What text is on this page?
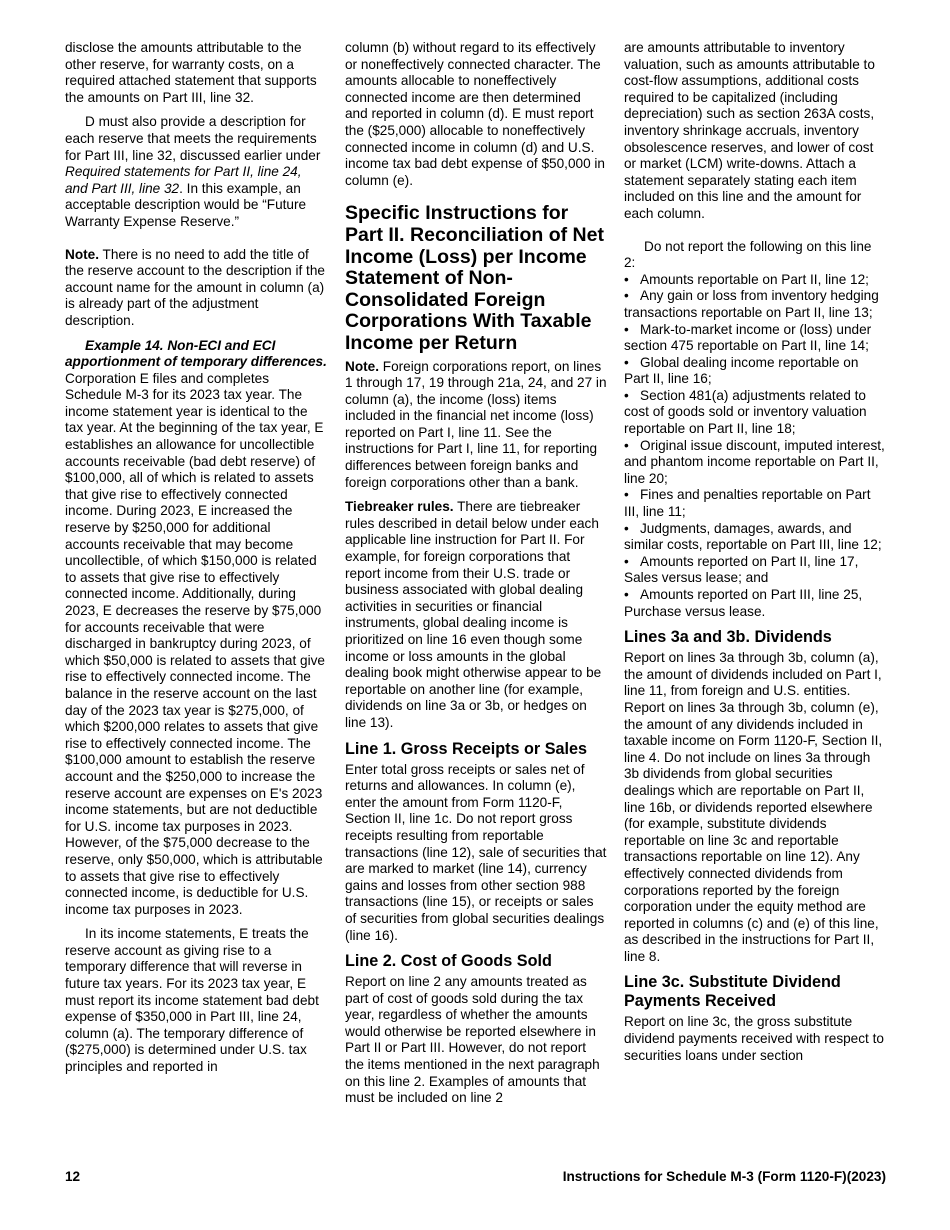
disclose the amounts attributable to the other reserve, for warranty costs, on a required attached statement that supports the amounts on Part III, line 32.

D must also provide a description for each reserve that meets the requirements for Part III, line 32, discussed earlier under Required statements for Part II, line 24, and Part III, line 32. In this example, an acceptable description would be “Future Warranty Expense Reserve.”

Note. There is no need to add the title of the reserve account to the description if the account name for the amount in column (a) is already part of the adjustment description.

Example 14. Non-ECI and ECI apportionment of temporary differences. Corporation E files and completes Schedule M-3 for its 2023 tax year. The income statement year is identical to the tax year. At the beginning of the tax year, E establishes an allowance for uncollectible accounts receivable (bad debt reserve) of $100,000, all of which is related to assets that give rise to effectively connected income. During 2023, E increased the reserve by $250,000 for additional accounts receivable that may become uncollectible, of which $150,000 is related to assets that give rise to effectively connected income. Additionally, during 2023, E decreases the reserve by $75,000 for accounts receivable that were discharged in bankruptcy during 2023, of which $50,000 is related to assets that give rise to effectively connected income. The balance in the reserve account on the last day of the 2023 tax year is $275,000, of which $200,000 relates to assets that give rise to effectively connected income. The $100,000 amount to establish the reserve account and the $250,000 to increase the reserve account are expenses on E's 2023 income statements, but are not deductible for U.S. income tax purposes in 2023. However, of the $75,000 decrease to the reserve, only $50,000, which is attributable to assets that give rise to effectively connected income, is deductible for U.S. income tax purposes in 2023.

In its income statements, E treats the reserve account as giving rise to a temporary difference that will reverse in future tax years. For its 2023 tax year, E must report its income statement bad debt expense of $350,000 in Part III, line 24, column (a). The temporary difference of ($275,000) is determined under U.S. tax principles and reported in

column (b) without regard to its effectively or noneffectively connected character. The amounts allocable to noneffectively connected income are then determined and reported in column (d). E must report the ($25,000) allocable to noneffectively connected income in column (d) and U.S. income tax bad debt expense of $50,000 in column (e).

Specific Instructions for Part II. Reconciliation of Net Income (Loss) per Income Statement of Non-Consolidated Foreign Corporations With Taxable Income per Return

Note. Foreign corporations report, on lines 1 through 17, 19 through 21a, 24, and 27 in column (a), the income (loss) items included in the financial net income (loss) reported on Part I, line 11. See the instructions for Part I, line 11, for reporting differences between foreign banks and foreign corporations other than a bank.

Tiebreaker rules. There are tiebreaker rules described in detail below under each applicable line instruction for Part II. For example, for foreign corporations that report income from their U.S. trade or business associated with global dealing activities in securities or financial instruments, global dealing income is prioritized on line 16 even though some income or loss amounts in the global dealing book might otherwise appear to be reportable on another line (for example, dividends on line 3a or 3b, or hedges on line 13).

Line 1. Gross Receipts or Sales

Enter total gross receipts or sales net of returns and allowances. In column (e), enter the amount from Form 1120-F, Section II, line 1c. Do not report gross receipts resulting from reportable transactions (line 12), sale of securities that are marked to market (line 14), currency gains and losses from other section 988 transactions (line 15), or receipts or sales of securities from global securities dealings (line 16).

Line 2. Cost of Goods Sold

Report on line 2 any amounts treated as part of cost of goods sold during the tax year, regardless of whether the amounts would otherwise be reported elsewhere in Part II or Part III. However, do not report the items mentioned in the next paragraph on this line 2. Examples of amounts that must be included on line 2

are amounts attributable to inventory valuation, such as amounts attributable to cost-flow assumptions, additional costs required to be capitalized (including depreciation) such as section 263A costs, inventory shrinkage accruals, inventory obsolescence reserves, and lower of cost or market (LCM) write-downs. Attach a statement separately stating each item included on this line and the amount for each column.

Do not report the following on this line 2:

• Amounts reportable on Part II, line 12;
• Any gain or loss from inventory hedging transactions reportable on Part II, line 13;
• Mark-to-market income or (loss) under section 475 reportable on Part II, line 14;
• Global dealing income reportable on Part II, line 16;
• Section 481(a) adjustments related to cost of goods sold or inventory valuation reportable on Part II, line 18;
• Original issue discount, imputed interest, and phantom income reportable on Part II, line 20;
• Fines and penalties reportable on Part III, line 11;
• Judgments, damages, awards, and similar costs, reportable on Part III, line 12;
• Amounts reported on Part II, line 17, Sales versus lease; and
• Amounts reported on Part III, line 25, Purchase versus lease.
Lines 3a and 3b. Dividends

Report on lines 3a through 3b, column (a), the amount of dividends included on Part I, line 11, from foreign and U.S. entities. Report on lines 3a through 3b, column (e), the amount of any dividends included in taxable income on Form 1120-F, Section II, line 4. Do not include on lines 3a through 3b dividends from global securities dealings which are reportable on Part II, line 16b, or dividends reported elsewhere (for example, substitute dividends reportable on line 3c and reportable transactions reportable on line 12). Any effectively connected dividends from corporations reported by the foreign corporation under the equity method are reported in columns (c) and (e) of this line, as described in the instructions for Part II, line 8.

Line 3c. Substitute Dividend Payments Received

Report on line 3c, the gross substitute dividend payments received with respect to securities loans under section

12	Instructions for Schedule M-3 (Form 1120-F)(2023)
